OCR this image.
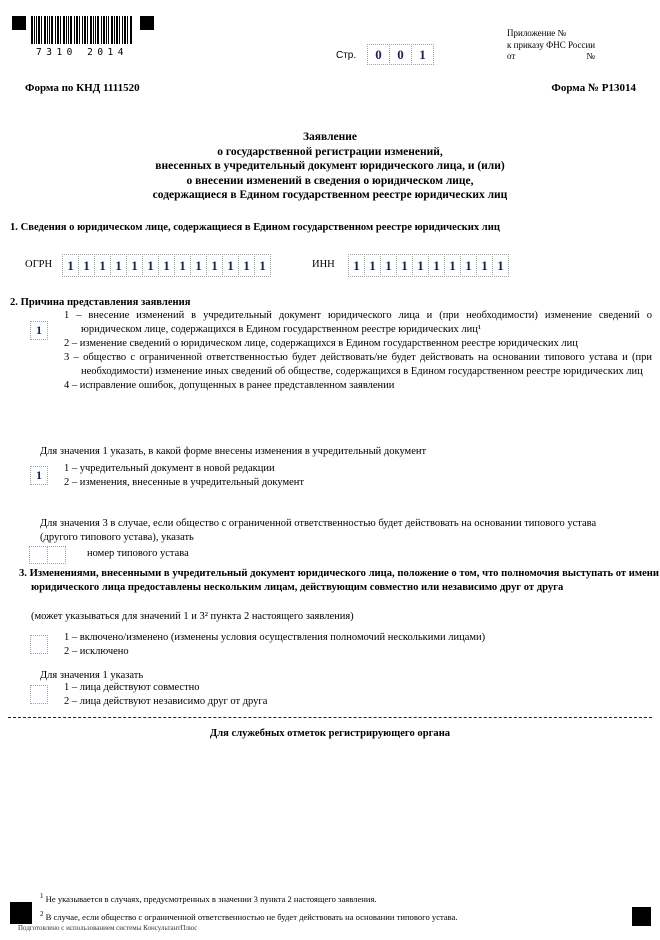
7310 2014	Стр.	0	0	1
Приложение №
к приказу ФНС России
от	№
Форма по КНД 1111520	Форма № Р13014
Заявление
о государственной регистрации изменений,
внесенных в учредительный документ юридического лица, и (или)
о внесении изменений в сведения о юридическом лице,
содержащиеся в Едином государственном реестре юридических лиц
1. Сведения о юридическом лице, содержащиеся в Едином государственном реестре юридических лиц
ОГРН	1 1 1 1 1 1 1 1 1 1 1 1 1	ИНН	1 1 1 1 1 1 1 1 1 1
2. Причина представления заявления
1
1 – внесение изменений в учредительный документ юридического лица и (при необходимости) изменение сведений о юридическом лице, содержащихся в Едином государственном реестре юридических лиц¹
2 – изменение сведений о юридическом лице, содержащихся в Едином государственном реестре юридических лиц
3 – общество с ограниченной ответственностью будет действовать/не будет действовать на основании типового устава и (при необходимости) изменение иных сведений об обществе, содержащихся в Едином государственном реестре юридических лиц
4 – исправление ошибок, допущенных в ранее представленном заявлении
Для значения 1 указать, в какой форме внесены изменения в учредительный документ
1	1 – учредительный документ в новой редакции
2 – изменения, внесенные в учредительный документ
Для значения 3 в случае, если общество с ограниченной ответственностью будет действовать на основании типового устава (другого типового устава), указать
номер типового устава
3. Изменениями, внесенными в учредительный документ юридического лица, положение о том, что полномочия выступать от имени юридического лица предоставлены нескольким лицам, действующим совместно или независимо друг от друга
(может указываться для значений 1 и 3² пункта 2 настоящего заявления)
1 – включено/изменено (изменены условия осуществления полномочий несколькими лицами)
2 – исключено
Для значения 1 указать
1 – лица действуют совместно
2 – лица действуют независимо друг от друга
Для служебных отметок регистрирующего органа
$^1$ Не указывается в случаях, предусмотренных в значении 3 пункта 2 настоящего заявления.
$^2$ В случае, если общество с ограниченной ответственностью не будет действовать на основании типового устава.
Подготовлено с использованием системы КонсультантПлюс
